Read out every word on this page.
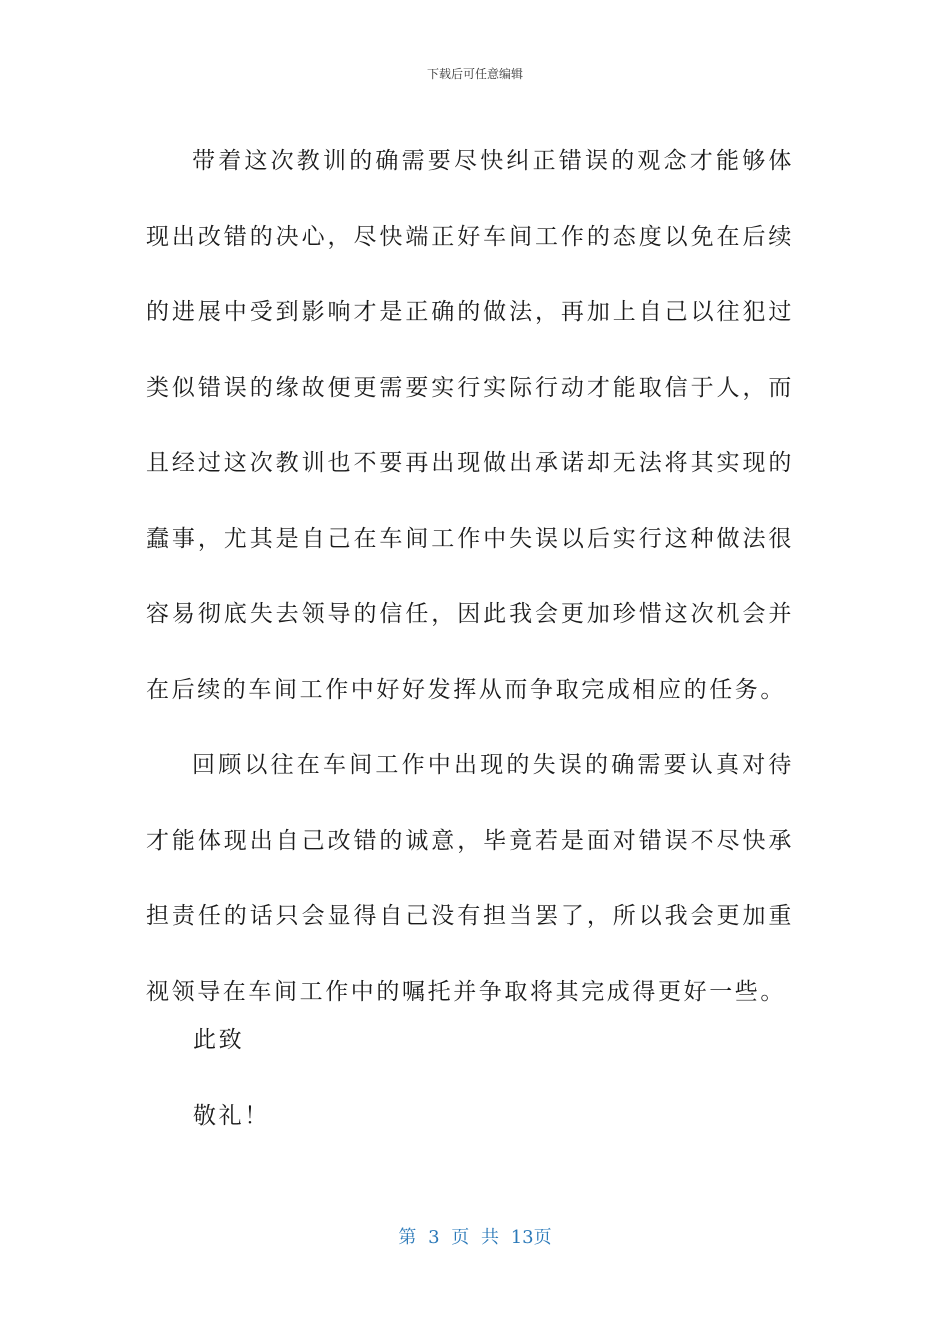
下载后可任意编辑

带着这次教训的确需要尽快纠正错误的观念才能够体现出改错的决心，尽快端正好车间工作的态度以免在后续的进展中受到影响才是正确的做法，再加上自己以往犯过类似错误的缘故便更需要实行实际行动才能取信于人，而且经过这次教训也不要再出现做出承诺却无法将其实现的蠢事，尤其是自己在车间工作中失误以后实行这种做法很容易彻底失去领导的信任，因此我会更加珍惜这次机会并在后续的车间工作中好好发挥从而争取完成相应的任务。

回顾以往在车间工作中出现的失误的确需要认真对待才能体现出自己改错的诚意，毕竟若是面对错误不尽快承担责任的话只会显得自己没有担当罢了，所以我会更加重视领导在车间工作中的嘱托并争取将其完成得更好一些。

此致
敬礼！
第 3 页 共 13页
